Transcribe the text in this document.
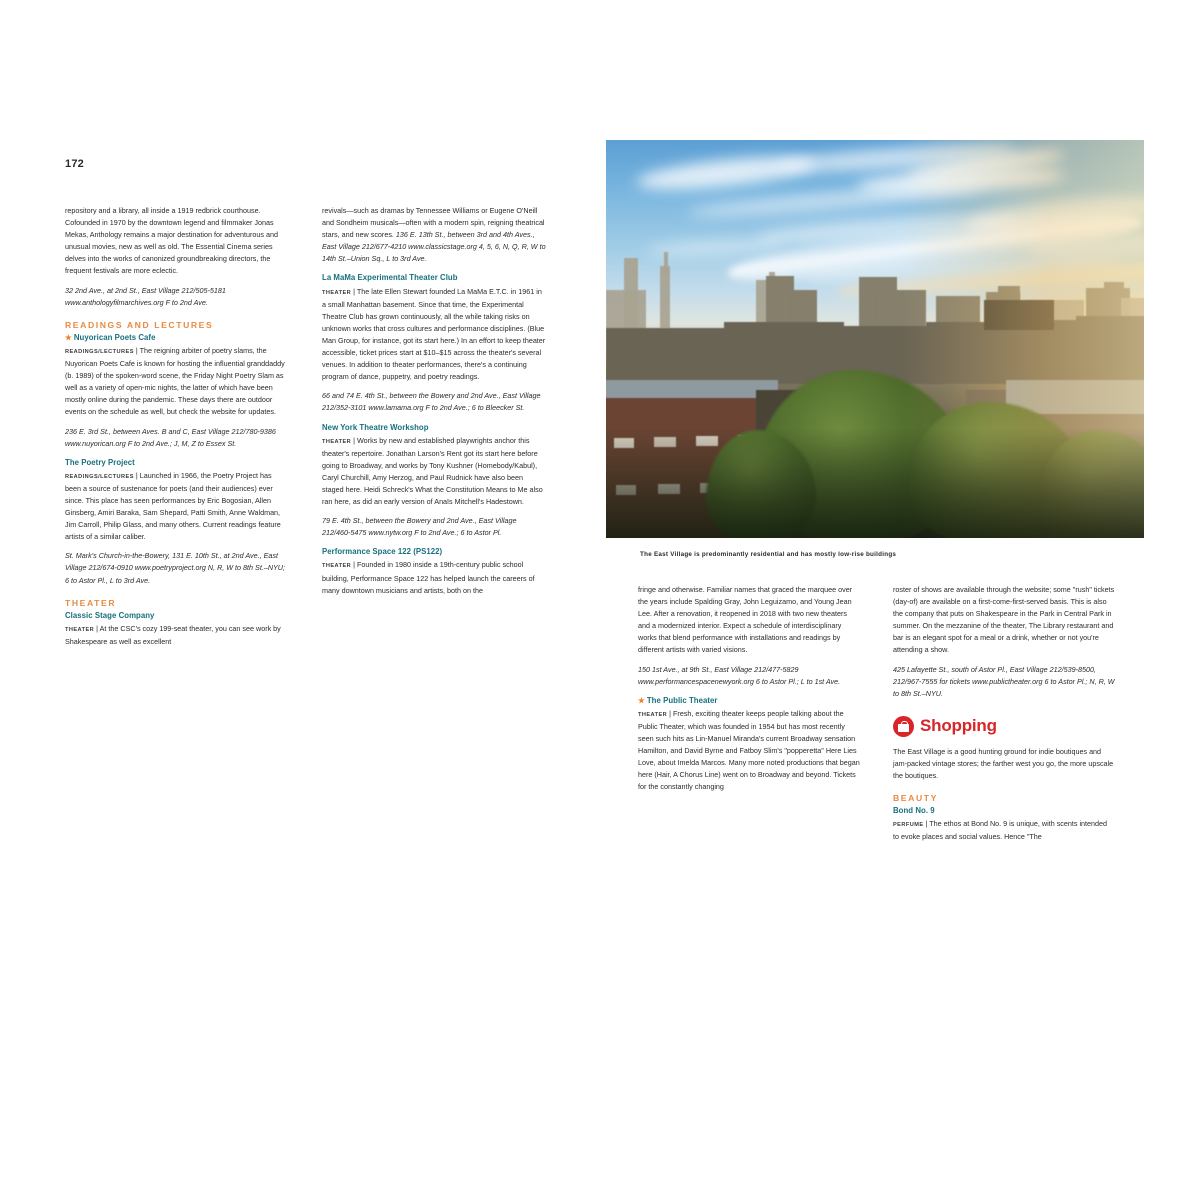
172
The East Village is predominantly residential and has mostly low-rise buildings

repository and a library, all inside a 1919 redbrick courthouse. Cofounded in 1970 by the downtown legend and filmmaker Jonas Mekas, Anthology remains a major destination for adventurous and unusual movies, new as well as old. The Essential Cinema series delves into the works of canonized groundbreaking directors, the frequent festivals are more eclectic.

32 2nd Ave., at 2nd St., East Village 212/505-5181 www.anthologyfilmarchives.org F to 2nd Ave.

READINGS AND LECTURES
★ Nuyorican Poets Cafe

READINGS/LECTURES | The reigning arbiter of poetry slams, the Nuyorican Poets Cafe is known for hosting the influential granddaddy (b. 1989) of the spoken-word scene, the Friday Night Poetry Slam as well as a variety of open-mic nights, the latter of which have been mostly online during the pandemic. These days there are outdoor events on the schedule as well, but check the website for updates.

236 E. 3rd St., between Aves. B and C, East Village 212/780-9386 www.nuyorican.org F to 2nd Ave.; J, M, Z to Essex St.

The Poetry Project

READINGS/LECTURES | Launched in 1966, the Poetry Project has been a source of sustenance for poets (and their audiences) ever since. This place has seen performances by Eric Bogosian, Allen Ginsberg, Amiri Baraka, Sam Shepard, Patti Smith, Anne Waldman, Jim Carroll, Philip Glass, and many others. Current readings feature artists of a similar caliber.

St. Mark's Church-in-the-Bowery, 131 E. 10th St., at 2nd Ave., East Village 212/674-0910 www.poetryproject.org N, R, W to 8th St.–NYU; 6 to Astor Pl., L to 3rd Ave.

THEATER
Classic Stage Company

THEATER | At the CSC's cozy 199-seat theater, you can see work by Shakespeare as well as excellent

revivals—such as dramas by Tennessee Williams or Eugene O'Neill and Sondheim musicals—often with a modern spin, reigning theatrical stars, and new scores. 136 E. 13th St., between 3rd and 4th Aves., East Village 212/677-4210 www.classicstage.org 4, 5, 6, N, Q, R, W to 14th St.–Union Sq., L to 3rd Ave.

La MaMa Experimental Theater Club

THEATER | The late Ellen Stewart founded La MaMa E.T.C. in 1961 in a small Manhattan basement. Since that time, the Experimental Theatre Club has grown continuously, all the while taking risks on unknown works that cross cultures and performance disciplines. (Blue Man Group, for instance, got its start here.) In an effort to keep theater accessible, ticket prices start at $10–$15 across the theater's several venues. In addition to theater performances, there's a continuing program of dance, puppetry, and poetry readings.

66 and 74 E. 4th St., between the Bowery and 2nd Ave., East Village 212/352-3101 www.lamama.org F to 2nd Ave.; 6 to Bleecker St.

New York Theatre Workshop

THEATER | Works by new and established playwrights anchor this theater's repertoire. Jonathan Larson's Rent got its start here before going to Broadway, and works by Tony Kushner (Homebody/Kabul), Caryl Churchill, Amy Herzog, and Paul Rudnick have also been staged here. Heidi Schreck's What the Constitution Means to Me also ran here, as did an early version of Anaïs Mitchell's Hadestown.

79 E. 4th St., between the Bowery and 2nd Ave., East Village 212/460-5475 www.nytw.org F to 2nd Ave.; 6 to Astor Pl.

Performance Space 122 (PS122)

THEATER | Founded in 1980 inside a 19th-century public school building, Performance Space 122 has helped launch the careers of many downtown musicians and artists, both on the	fringe and otherwise. Familiar names that graced the marquee over the years include Spalding Gray, John Leguizamo, and Young Jean Lee. After a renovation, it reopened in 2018 with two new theaters and a modernized interior. Expect a schedule of interdisciplinary works that blend performance with installations and readings by different artists with varied visions.

150 1st Ave., at 9th St., East Village 212/477-5829 www.performancespacenewyork.org 6 to Astor Pl.; L to 1st Ave.

★ The Public Theater

THEATER | Fresh, exciting theater keeps people talking about the Public Theater, which was founded in 1954 but has most recently seen such hits as Lin-Manuel Miranda's current Broadway sensation Hamilton, and David Byrne and Fatboy Slim's "popperetta" Here Lies Love, about Imelda Marcos. Many more noted productions that began here (Hair, A Chorus Line) went on to Broadway and beyond. Tickets for the constantly changing

roster of shows are available through the website; some "rush" tickets (day-of) are available on a first-come-first-served basis. This is also the company that puts on Shakespeare in the Park in Central Park in summer. On the mezzanine of the theater, The Library restaurant and bar is an elegant spot for a meal or a drink, whether or not you're attending a show.

425 Lafayette St., south of Astor Pl., East Village 212/539-8500, 212/967-7555 for tickets www.publictheater.org 6 to Astor Pl.; N, R, W to 8th St.–NYU.

Shopping

The East Village is a good hunting ground for indie boutiques and jam-packed vintage stores; the farther west you go, the more upscale the boutiques.

BEAUTY
Bond No. 9

PERFUME | The ethos at Bond No. 9 is unique, with scents intended to evoke places and social values. Hence "The
